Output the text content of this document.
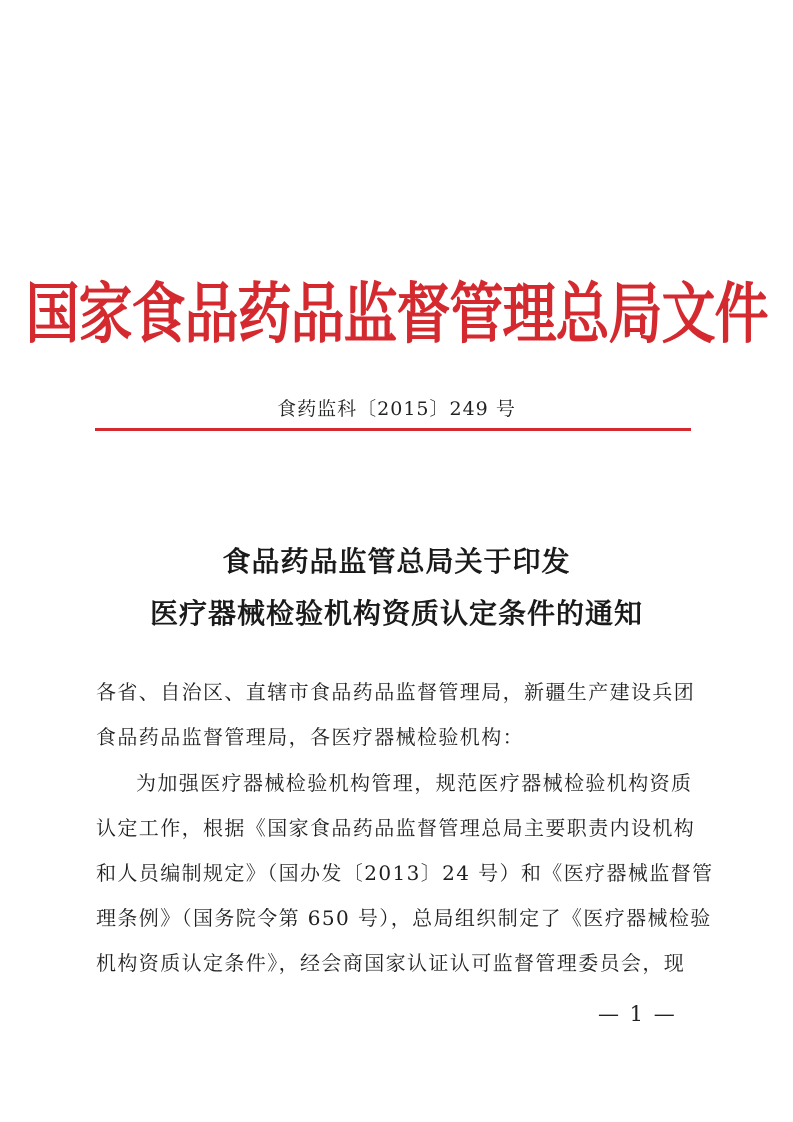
国家食品药品监督管理总局文件
食药监科〔2015〕249 号
食品药品监管总局关于印发
医疗器械检验机构资质认定条件的通知
各省、自治区、直辖市食品药品监督管理局，新疆生产建设兵团
食品药品监督管理局，各医疗器械检验机构：
为加强医疗器械检验机构管理，规范医疗器械检验机构资质
认定工作，根据《国家食品药品监督管理总局主要职责内设机构
和人员编制规定》（国办发〔2013〕24 号）和《医疗器械监督管
理条例》（国务院令第 650 号），总局组织制定了《医疗器械检验
机构资质认定条件》，经会商国家认证认可监督管理委员会，现
— 1 —
